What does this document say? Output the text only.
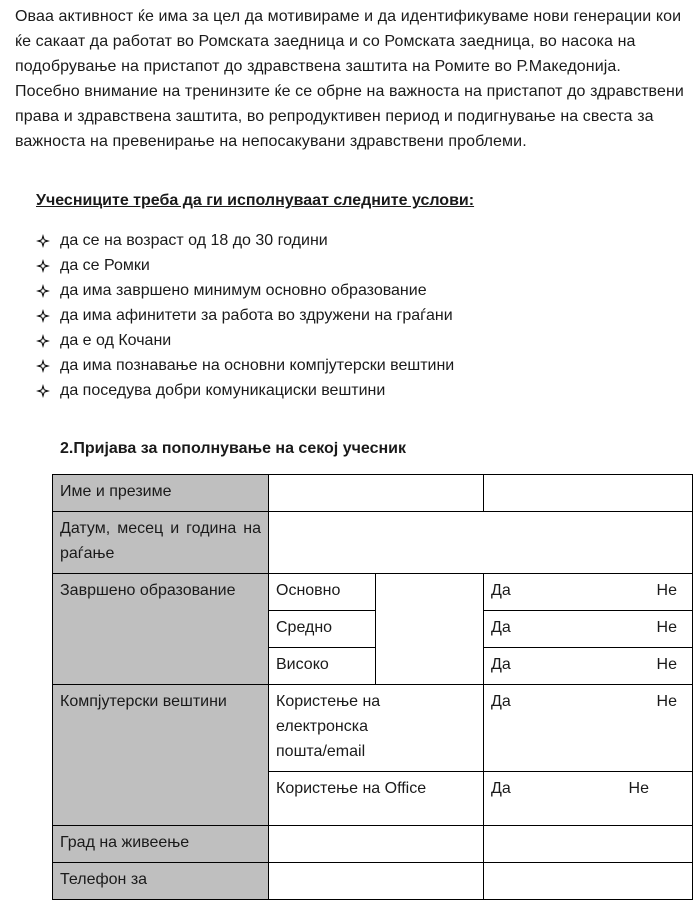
Оваа активност ќе има за цел да мотивираме и да идентификуваме нови генерации кои ќе сакаат да работат во Ромската заедница и со Ромската заедница, во насока на подобрување на пристапот до здравствена заштита на Ромите во Р.Македонија. Посебно внимание на тренинзите ќе се обрне на важноста на пристапот до здравствени права и здравствена заштита, во репродуктивен период и подигнување на свеста за важноста на превенирање на непосакувани здравствени проблеми.

Учесниците треба да ги исполнуваат следните услови:

да се на возраст од 18 до 30 години
да се Ромки
да има завршено минимум основно образование
да има афинитети за работа во здружени на граѓани
да е од Кочани
да има познавање на основни компјутерски вештини
да поседува добри комуникациски вештини

2.Пријава за пополнување на секој учесник

Име и презиме			
Датум, месец и година на раѓање			
Завршено образование	Основно		Да Не

	Средно		Да Не

	Високо		Да Не

Компјутерски вештини	Користење на електронска пошта/email		Да Не

	Користење на Office		Да Не

Град на живеење			
Телефон за			
